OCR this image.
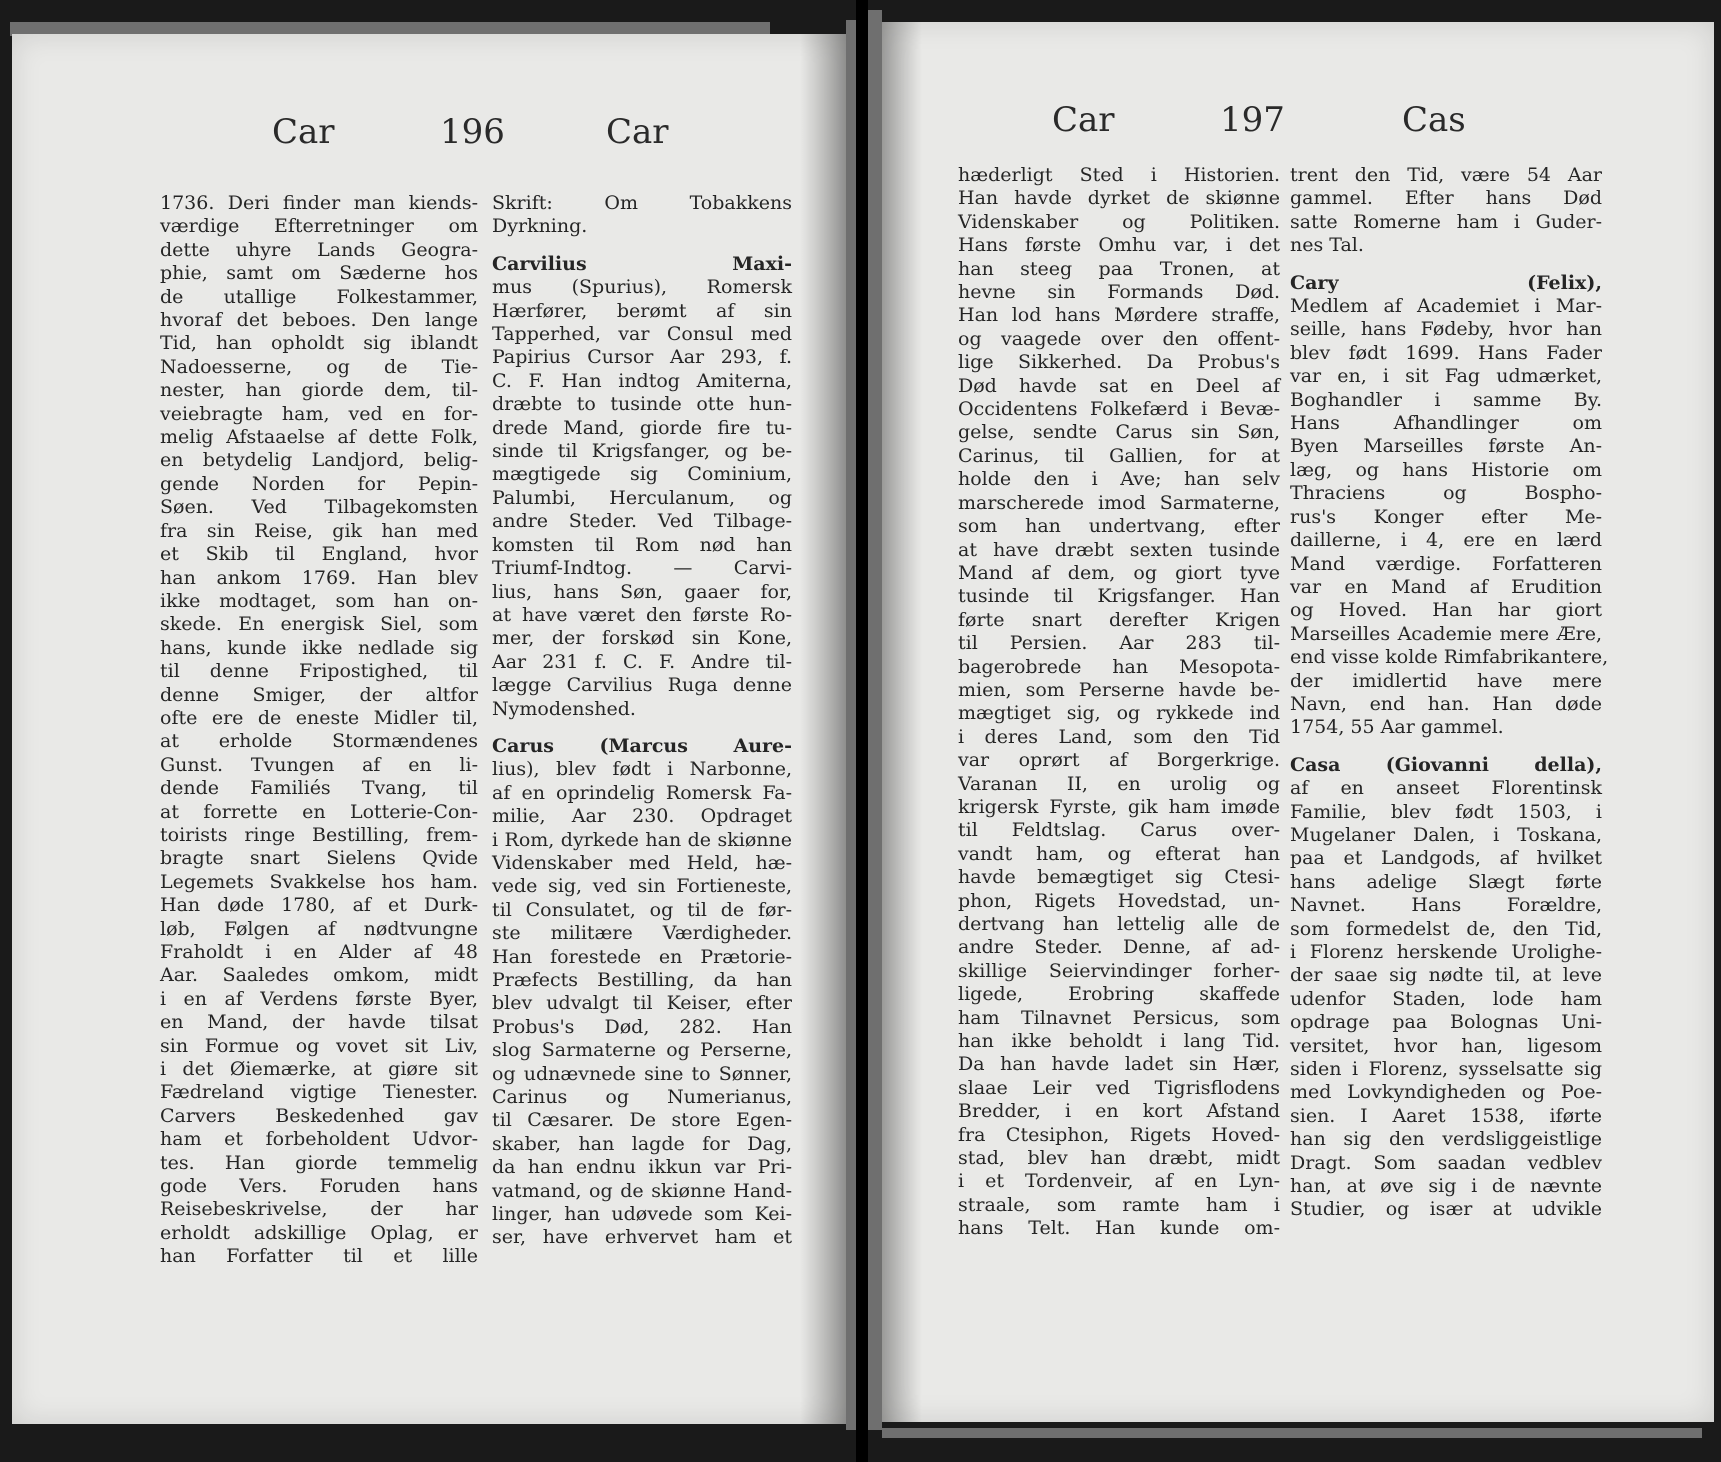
Car	196	Car

1736. Deri finder man kiends-

værdige Efterretninger om

dette uhyre Lands Geogra-

phie, samt om Sæderne hos

de utallige Folkestammer,

hvoraf det beboes. Den lange

Tid, han opholdt sig iblandt

Nadoesserne, og de Tie-

nester, han giorde dem, til-

veiebragte ham, ved en for-

melig Afstaaelse af dette Folk,

en betydelig Landjord, belig-

gende Norden for Pepin-

Søen. Ved Tilbagekomsten

fra sin Reise, gik han med

et Skib til England, hvor

han ankom 1769. Han blev

ikke modtaget, som han on-

skede. En energisk Siel, som

hans, kunde ikke nedlade sig

til denne Fripostighed, til

denne Smiger, der altfor

ofte ere de eneste Midler til,

at erholde Stormændenes

Gunst. Tvungen af en li-

dende Familiés Tvang, til

at forrette en Lotterie-Con-

toirists ringe Bestilling, frem-

bragte snart Sielens Qvide

Legemets Svakkelse hos ham.

Han døde 1780, af et Durk-

løb, Følgen af nødtvungne

Fraholdt i en Alder af 48

Aar. Saaledes omkom, midt

i en af Verdens første Byer,

en Mand, der havde tilsat

sin Formue og vovet sit Liv,

i det Øiemærke, at giøre sit

Fædreland vigtige Tienester.

Carvers Beskedenhed gav

ham et forbeholdent Udvor-

tes. Han giorde temmelig

gode Vers. Foruden hans

Reisebeskrivelse, der har

erholdt adskillige Oplag, er

han Forfatter til et lille

Skrift: Om Tobakkens

Dyrkning.

Carvilius Maxi-

mus (Spurius), Romersk

Hærfører, berømt af sin

Tapperhed, var Consul med

Papirius Cursor Aar 293, f.

C. F. Han indtog Amiterna,

dræbte to tusinde otte hun-

drede Mand, giorde fire tu-

sinde til Krigsfanger, og be-

mægtigede sig Cominium,

Palumbi, Herculanum, og

andre Steder. Ved Tilbage-

komsten til Rom nød han

Triumf-Indtog. — Carvi-

lius, hans Søn, gaaer for,

at have været den første Ro-

mer, der forskød sin Kone,

Aar 231 f. C. F. Andre til-

lægge Carvilius Ruga denne

Nymodenshed.

Carus (Marcus Aure-

lius), blev født i Narbonne,

af en oprindelig Romersk Fa-

milie, Aar 230. Opdraget

i Rom, dyrkede han de skiønne

Videnskaber med Held, hæ-

vede sig, ved sin Fortieneste,

til Consulatet, og til de før-

ste militære Værdigheder.

Han forestede en Prætorie-

Præfects Bestilling, da han

blev udvalgt til Keiser, efter

Probus's Død, 282. Han

slog Sarmaterne og Perserne,

og udnævnede sine to Sønner,

Carinus og Numerianus,

til Cæsarer. De store Egen-

skaber, han lagde for Dag,

da han endnu ikkun var Pri-

vatmand, og de skiønne Hand-

linger, han udøvede som Kei-

ser, have erhvervet ham et

Car	197	Cas

hæderligt Sted i Historien.

Han havde dyrket de skiønne

Videnskaber og Politiken.

Hans første Omhu var, i det

han steeg paa Tronen, at

hevne sin Formands Død.

Han lod hans Mørdere straffe,

og vaagede over den offent-

lige Sikkerhed. Da Probus's

Død havde sat en Deel af

Occidentens Folkefærd i Bevæ-

gelse, sendte Carus sin Søn,

Carinus, til Gallien, for at

holde den i Ave; han selv

marscherede imod Sarmaterne,

som han undertvang, efter

at have dræbt sexten tusinde

Mand af dem, og giort tyve

tusinde til Krigsfanger. Han

førte snart derefter Krigen

til Persien. Aar 283 til-

bagerobrede han Mesopota-

mien, som Perserne havde be-

mægtiget sig, og rykkede ind

i deres Land, som den Tid

var oprørt af Borgerkrige.

Varanan II, en urolig og

krigersk Fyrste, gik ham imøde

til Feldtslag. Carus over-

vandt ham, og efterat han

havde bemægtiget sig Ctesi-

phon, Rigets Hovedstad, un-

dertvang han lettelig alle de

andre Steder. Denne, af ad-

skillige Seiervindinger forher-

ligede, Erobring skaffede

ham Tilnavnet Persicus, som

han ikke beholdt i lang Tid.

Da han havde ladet sin Hær,

slaae Leir ved Tigrisflodens

Bredder, i en kort Afstand

fra Ctesiphon, Rigets Hoved-

stad, blev han dræbt, midt

i et Tordenveir, af en Lyn-

straale, som ramte ham i

hans Telt. Han kunde om-

trent den Tid, være 54 Aar

gammel. Efter hans Død

satte Romerne ham i Guder-

nes Tal.

Cary (Felix),

Medlem af Academiet i Mar-

seille, hans Fødeby, hvor han

blev født 1699. Hans Fader

var en, i sit Fag udmærket,

Boghandler i samme By.

Hans Afhandlinger om

Byen Marseilles første An-

læg, og hans Historie om

Thraciens og Bospho-

rus's Konger efter Me-

daillerne, i 4, ere en lærd

Mand værdige. Forfatteren

var en Mand af Erudition

og Hoved. Han har giort

Marseilles Academie mere Ære,

end visse kolde Rimfabrikantere,

der imidlertid have mere

Navn, end han. Han døde

1754, 55 Aar gammel.

Casa (Giovanni della),

af en anseet Florentinsk

Familie, blev født 1503, i

Mugelaner Dalen, i Toskana,

paa et Landgods, af hvilket

hans adelige Slægt førte

Navnet. Hans Forældre,

som formedelst de, den Tid,

i Florenz herskende Urolighe-

der saae sig nødte til, at leve

udenfor Staden, lode ham

opdrage paa Bolognas Uni-

versitet, hvor han, ligesom

siden i Florenz, sysselsatte sig

med Lovkyndigheden og Poe-

sien. I Aaret 1538, iførte

han sig den verdsliggeistlige

Dragt. Som saadan vedblev

han, at øve sig i de nævnte

Studier, og især at udvikle
